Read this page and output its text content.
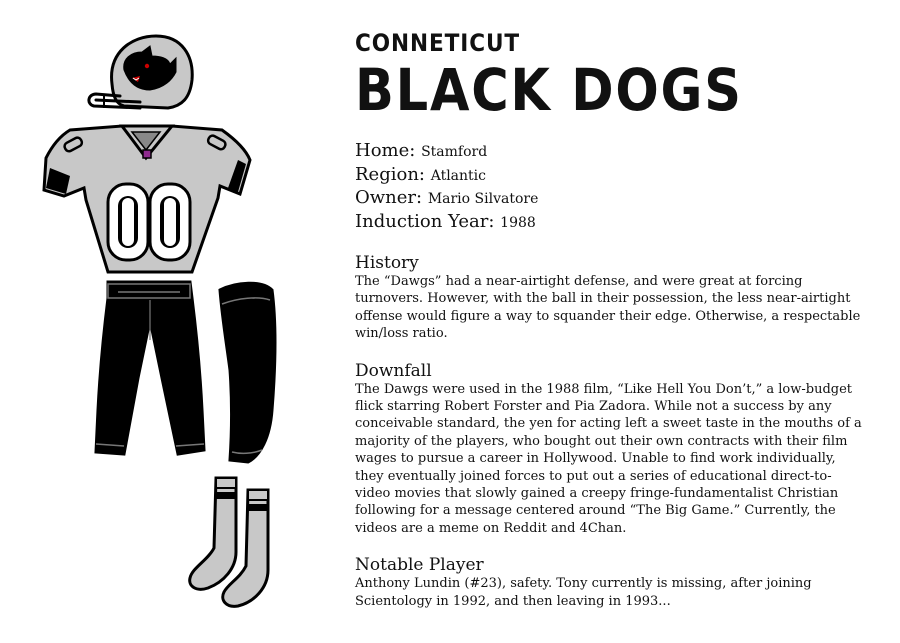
CONNETICUT
BLACK DOGS
Home: Stamford
Region: Atlantic
Owner: Mario Silvatore
Induction Year: 1988
History

The “Dawgs” had a near-airtight defense, and were great at forcing turnovers. However, with the ball in their possession, the less near-airtight offense would figure a way to squander their edge. Otherwise, a respectable win/loss ratio.

Downfall

The Dawgs were used in the 1988 film, “Like Hell You Don’t,” a low-budget flick starring Robert Forster and Pia Zadora. While not a success by any conceivable standard, the yen for acting left a sweet taste in the mouths of a majority of the players, who bought out their own contracts with their film wages to pursue a career in Hollywood. Unable to find work individually, they eventually joined forces to put out a series of educational direct-to-video movies that slowly gained a creepy fringe-fundamentalist Christian following for a message centered around “The Big Game.” Currently, the videos are a meme on Reddit and 4Chan.

Notable Player

Anthony Lundin (#23), safety. Tony currently is missing, after joining Scientology in 1992, and then leaving in 1993...
